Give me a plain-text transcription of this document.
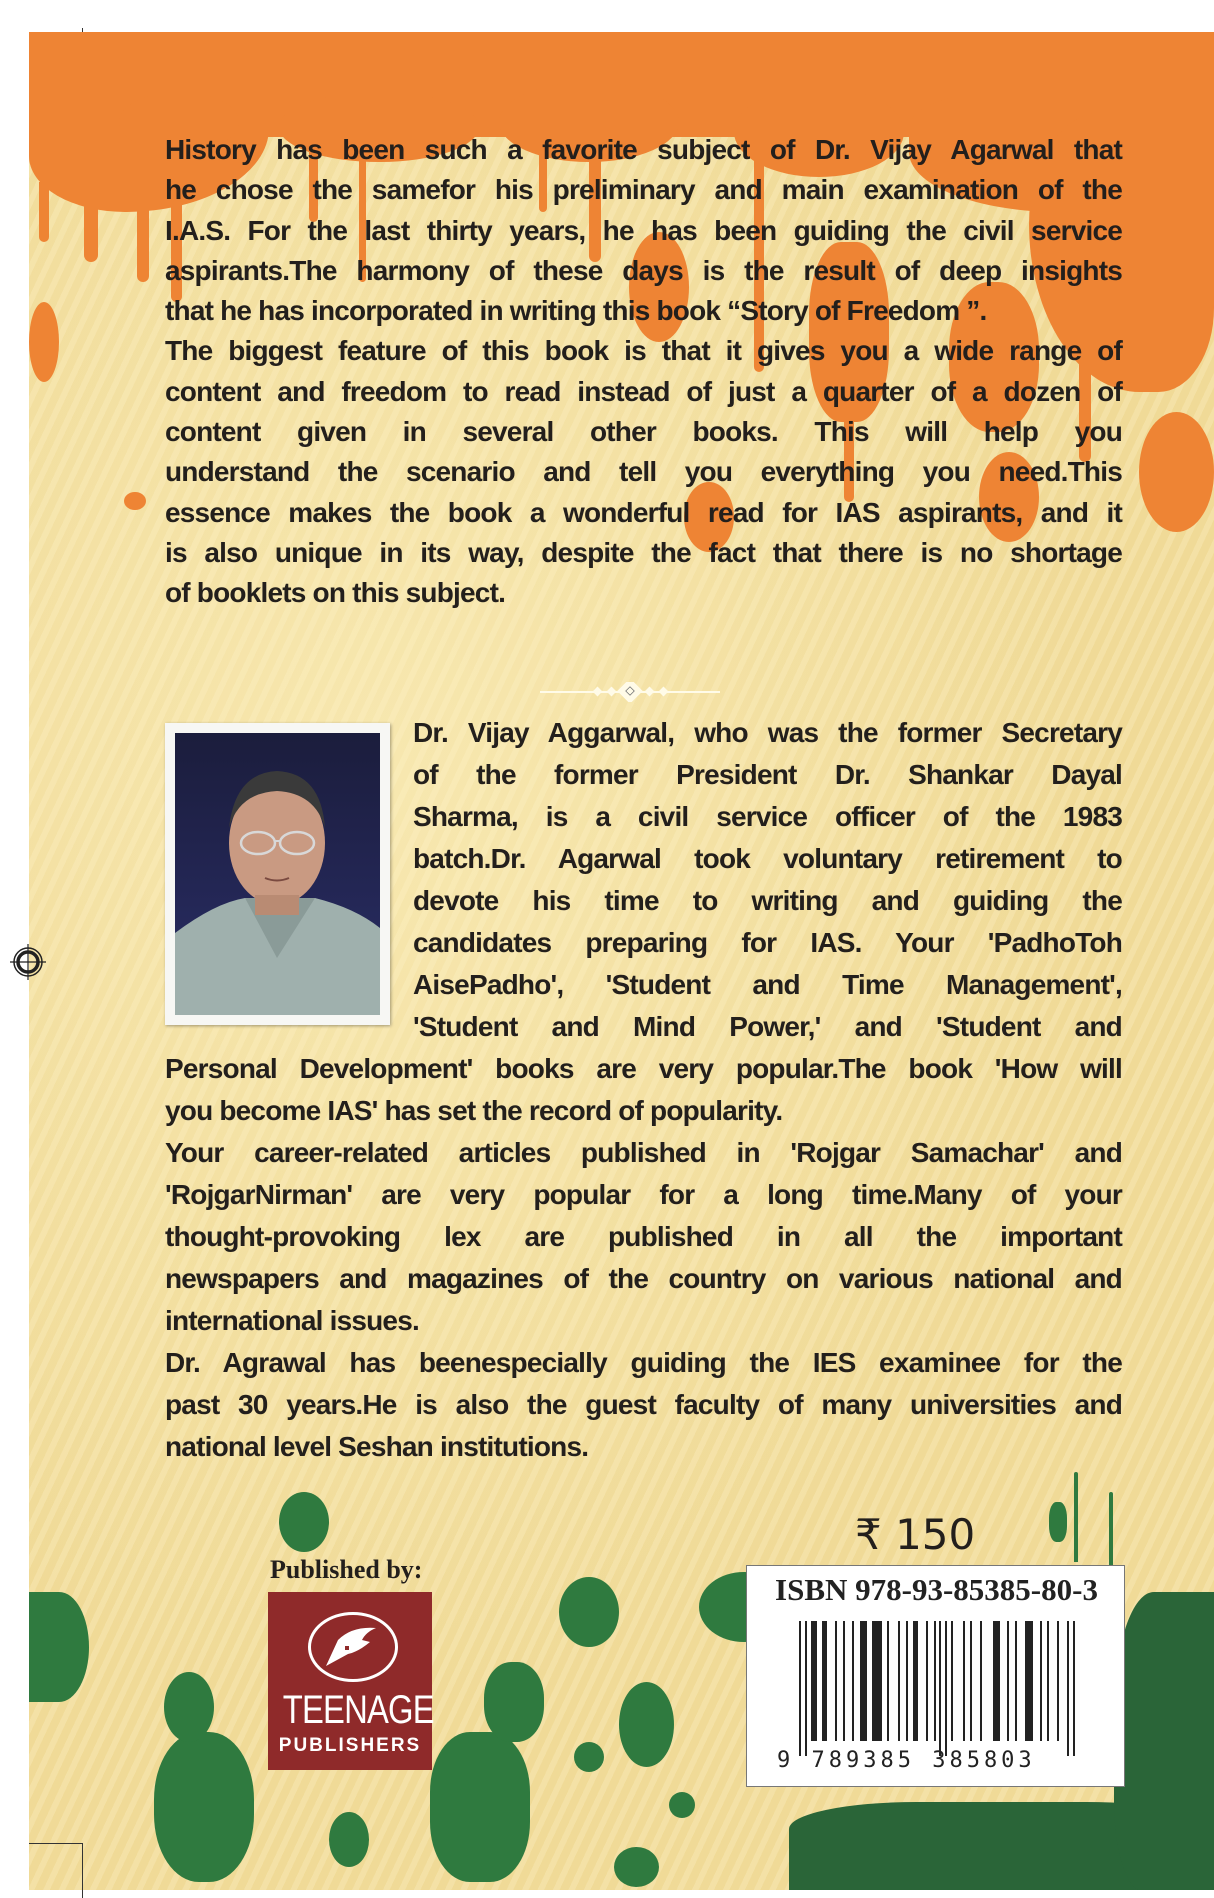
History has been such a favorite subject of Dr. Vijay Agarwal that
he chose the samefor his preliminary and main examination of the
I.A.S. For the last thirty years, he has been guiding the civil service
aspirants.The harmony of these days is the result of deep insights
that he has incorporated in writing this book “Story of Freedom ”.
The biggest feature of this book is that it gives you a wide range of
content and freedom to read instead of just a quarter of a dozen of
content given in several other books. This will help you
understand the scenario and tell you everything you need.This
essence makes the book a wonderful read for IAS aspirants, and it
is also unique in its way, despite the fact that there is no shortage
of booklets on this subject.
Dr. Vijay Aggarwal, who was the former Secretary
of the former President Dr. Shankar Dayal
Sharma, is a civil service officer of the 1983
batch.Dr. Agarwal took voluntary retirement to
devote his time to writing and guiding the
candidates preparing for IAS. Your 'PadhoToh
AisePadho', 'Student and Time Management',
'Student and Mind Power,' and 'Student and
Personal Development' books are very popular.The book 'How will
you become IAS' has set the record of popularity.
Your career-related articles published in 'Rojgar Samachar' and
'RojgarNirman' are very popular for a long time.Many of your
thought-provoking lex are published in all the important
newspapers and magazines of the country on various national and
international issues.
Dr. Agrawal has beenespecially guiding the IES examinee for the
past 30 years.He is also the guest faculty of many universities and
national level Seshan institutions.
Published by:
TEENAGE
PUBLISHERS
₹ 150
ISBN 978-93-85385-80-3
9 789385 385803
